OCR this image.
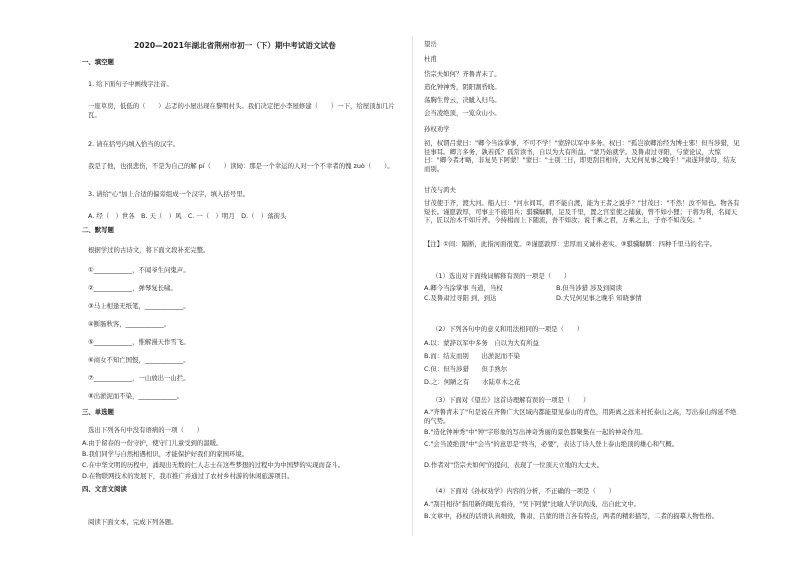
2020—2021年湖北省荆州市初一（下）期中考试语文试卷
一、填空题
1. 给下面句子中画线字注音。
一座草房，低低的（　　）忐忑的小屋出现在黎明村头。我们决定把小李屋修建（　　）一下，给屋顶加几片瓦。
2. 请在括号内填入恰当的汉字。
我是了他，也很悲伤，不是为自己的解 pí（　　）读恸：那是一个幸运的人对一个不幸者的愧 zuò（　　）。
3. 请给"心"加上合适的偏旁组成一个汉字，填入括号里。
A. 经（　）世各　B. 天（　）风　C. 一（　）明月　D.（　）落街头
二、默写题
根据学过的古诗文，将下面文段补充完整。
①____________，不闻爷生问鬼声。
②____________，弹琴复长啸。
③马上相逢无纸笔，____________。
④断肠秋客，____________。
⑤____________，惟解漫天作雪飞。
⑥商女不知亡国恨，____________。
⑦____________，一山放出一山拦。
⑧出淤泥而不染，____________。
三、单选题
选出下列各句中没有语病的一项（　　）
A.由于留春的一份守护，使守门儿童受到的温暖。
B.我们同学与自然相遇相识，才能保护好我们的家园环境。
C.在中华文明的历程中，涌现出无数的仁人志士在这些梦想的过程中为中国梦的实现而奋斗。
D.在物联网技术的发展下，我市推广并通过了农村乡村游的休闲旅游项目。
四、文言文阅读
阅读下面文本，完成下列各题。
望岳
杜甫
岱宗夫如何？齐鲁青未了。
造化钟神秀，阴阳割昏晓。
荡胸生曾云，决眦入归鸟。
会当凌绝顶，一览众山小。
孙权劝学
初，权谓吕蒙曰："卿今当涂掌事，不可不学！"蒙辞以军中多务。权曰："孤岂欲卿治经为博士邪！但当涉猎，见往事耳。卿言多务，孰若孤？孤常读书，自以为大有所益。"蒙乃始就学。及鲁肃过寻阳，与蒙论议，大惊曰："卿今者才略，非复吴下阿蒙！"蒙曰："士别三日，即更刮目相待，大兄何见事之晚乎！"肃遂拜蒙母，结友而别。
甘茂与鸿夫
甘茂使于齐，渡大河。船人曰："河水间耳，君不能自渡，能为王者之说乎？"甘茂曰："不然！汝不知也。物各有短长。谨愿敦厚，可事主不施用兵；骐骥騄駬，足及千里，置之宫室使之捕鼠，曾不如小狸；干将为利，名闻天下，匠以治木不如斤斧。今持楫而上下随流，吾不如汝；说千乘之君，万乘之主，子亦不如茂矣。"
【注】①间：隔断，此指河面很宽。②谨愿敦厚：忠厚而又诚朴老实。③骐骥騄駬：四种千里马的名字。
（1）选出对下面线词解释有误的一项是（　　）
A.卿今当涂掌事 当道，当权	B.但当涉猎 涉及到阅读
C.及鲁肃过寻阳 到，到达	D.大兄何见事之晚乎 知晓事情
（2）下列各句中的意义和用法相同的一项是（　　）
A.以：蒙辞以军中多务　自以为大有所益
B.而：结友而别　　出淤泥而不染
C.但：但当涉猎　　但手熟尔
D.之：何陋之有　　水陆草木之花
（3）下面对《望岳》这首诗理解有误的一项是（　　）
A."齐鲁青未了"句是说在齐鲁广大区域内都能望见泰山的青色，用距离之远来衬托泰山之高，写出泰山绵延不绝的气势。
B."造化钟神秀"中"钟"字形象的写出神奇秀丽的景色都聚集在一起的神奇作用。
C."会当凌绝顶"中"会当"的意思是"终当，必要"，表达了诗人登上泰山绝顶的雄心和气概。
D.作者对"岱宗夫如何"的提问，表现了一位顶天立地的大丈夫。
（4）下面对《孙权劝学》内容的分析，不正确的一项是（　　）
A."刮目相待"指用新的眼光看待，"吴下阿蒙"比喻人学识尚浅，出自此文中。
B.文章中，孙权的话语认真细致，鲁肃、吕蒙的语言各有特点，两者的精彩描写，二者的描摹人物性格。
